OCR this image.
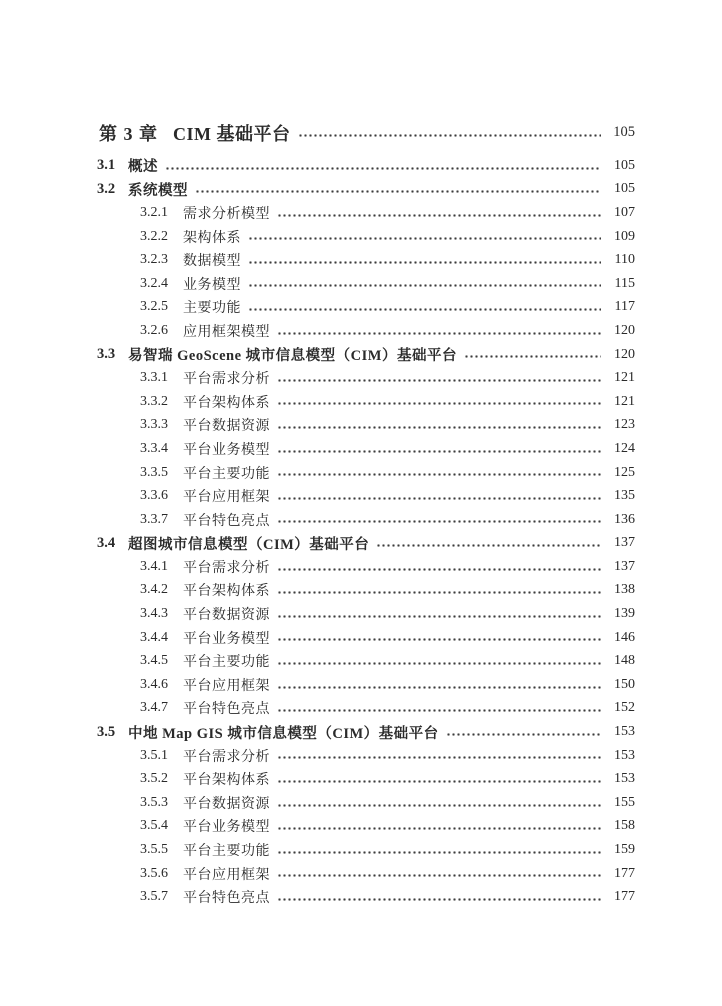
第 3 章 CIM 基础平台	105
3.1 概述	105
3.2 系统模型	105
3.2.1	需求分析模型	107
3.2.2	架构体系	109
3.2.3	数据模型	110
3.2.4	业务模型	115
3.2.5	主要功能	117
3.2.6	应用框架模型	120
3.3 易智瑞 GeoScene 城市信息模型（CIM）基础平台	120
3.3.1	平台需求分析	121
3.3.2	平台架构体系	121
3.3.3	平台数据资源	123
3.3.4	平台业务模型	124
3.3.5	平台主要功能	125
3.3.6	平台应用框架	135
3.3.7	平台特色亮点	136
3.4 超图城市信息模型（CIM）基础平台	137
3.4.1	平台需求分析	137
3.4.2	平台架构体系	138
3.4.3	平台数据资源	139
3.4.4	平台业务模型	146
3.4.5	平台主要功能	148
3.4.6	平台应用框架	150
3.4.7	平台特色亮点	152
3.5 中地 Map GIS 城市信息模型（CIM）基础平台	153
3.5.1	平台需求分析	153
3.5.2	平台架构体系	153
3.5.3	平台数据资源	155
3.5.4	平台业务模型	158
3.5.5	平台主要功能	159
3.5.6	平台应用框架	177
3.5.7	平台特色亮点	177
